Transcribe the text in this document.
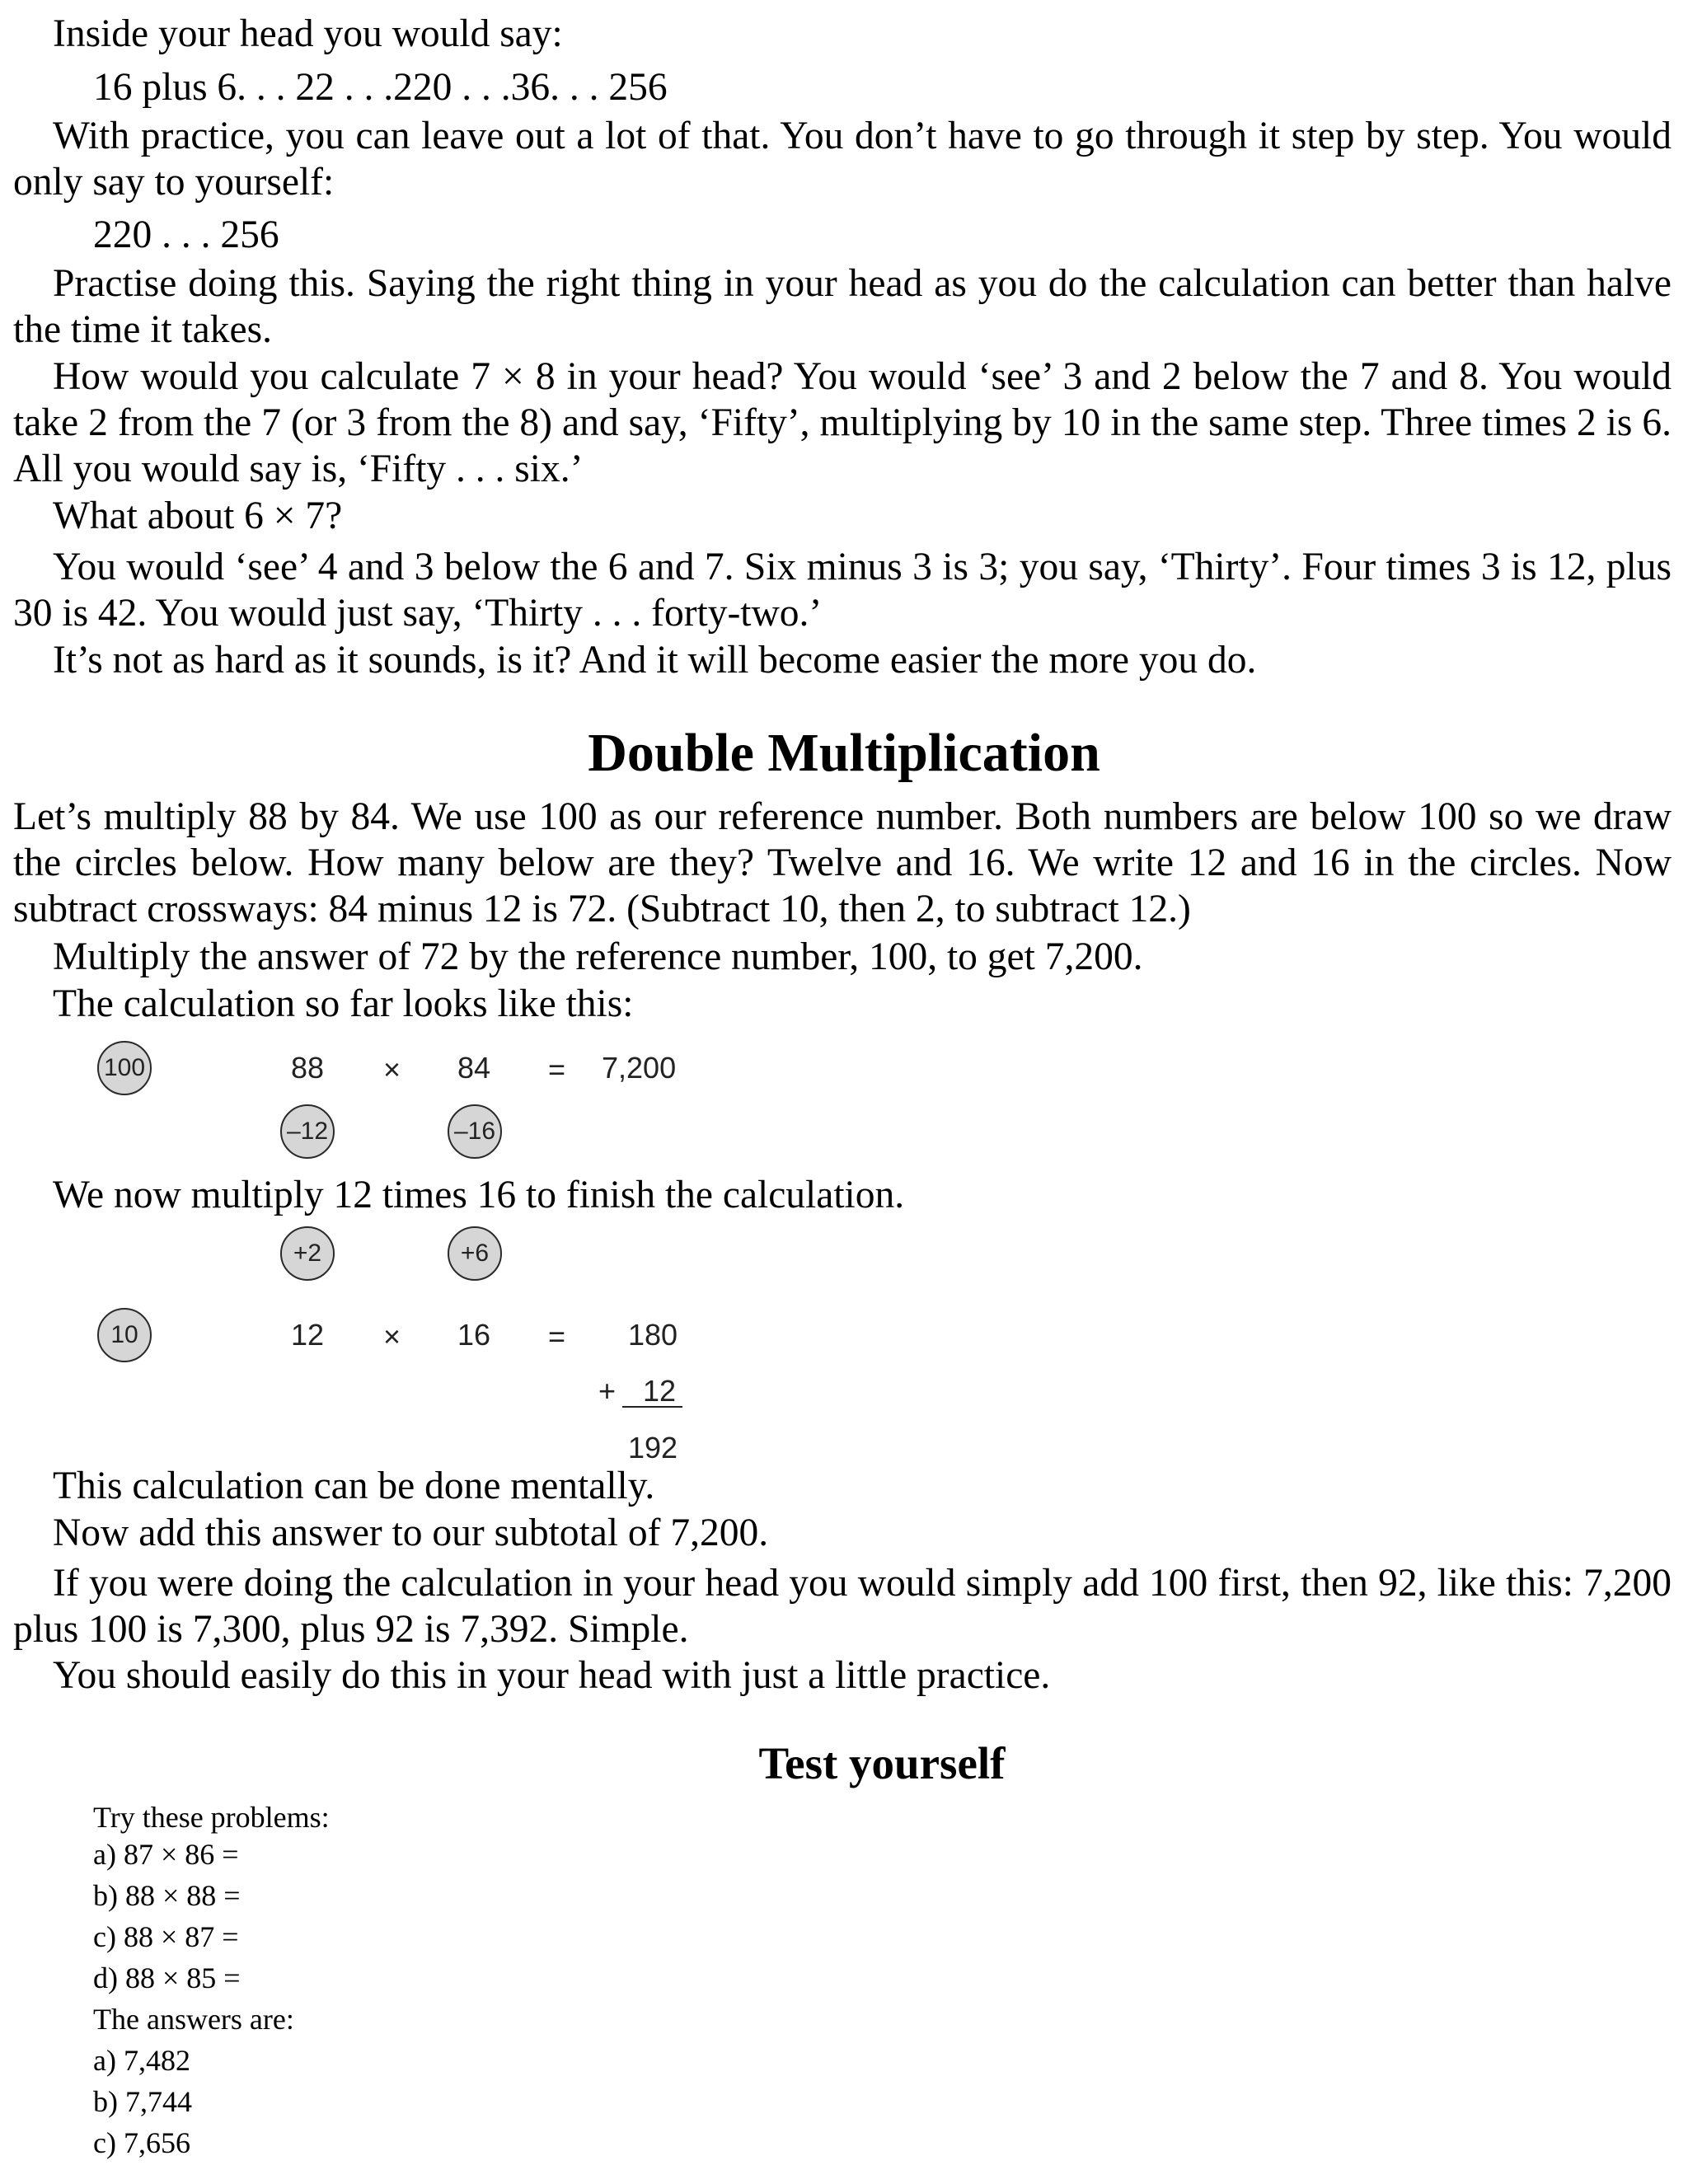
Inside your head you would say:

16 plus 6. . . 22 . . .220 . . .36. . . 256

With practice, you can leave out a lot of that. You don’t have to go through it step by step. You would only say to yourself:

220 . . . 256

Practise doing this. Saying the right thing in your head as you do the calculation can better than halve the time it takes.

How would you calculate 7 × 8 in your head? You would ‘see’ 3 and 2 below the 7 and 8. You would take 2 from the 7 (or 3 from the 8) and say, ‘Fifty’, multiplying by 10 in the same step. Three times 2 is 6. All you would say is, ‘Fifty . . . six.’

What about 6 × 7?

You would ‘see’ 4 and 3 below the 6 and 7. Six minus 3 is 3; you say, ‘Thirty’. Four times 3 is 12, plus 30 is 42. You would just say, ‘Thirty . . . forty-two.’

It’s not as hard as it sounds, is it? And it will become easier the more you do.

Double Multiplication

Let’s multiply 88 by 84. We use 100 as our reference number. Both numbers are below 100 so we draw the circles below. How many below are they? Twelve and 16. We write 12 and 16 in the circles. Now subtract crossways: 84 minus 12 is 72. (Subtract 10, then 2, to subtract 12.)

Multiply the answer of 72 by the reference number, 100, to get 7,200.

The calculation so far looks like this:

100	88 × 84 = 7,200
–12	–16

We now multiply 12 times 16 to finish the calculation.

+2	+6
10	12 × 16 = 180
+ 12
192

This calculation can be done mentally.

Now add this answer to our subtotal of 7,200.

If you were doing the calculation in your head you would simply add 100 first, then 92, like this: 7,200 plus 100 is 7,300, plus 92 is 7,392. Simple.

You should easily do this in your head with just a little practice.

Test yourself

Try these problems:

a) 87 × 86 =

b) 88 × 88 =

c) 88 × 87 =

d) 88 × 85 =

The answers are:

a) 7,482

b) 7,744

c) 7,656
